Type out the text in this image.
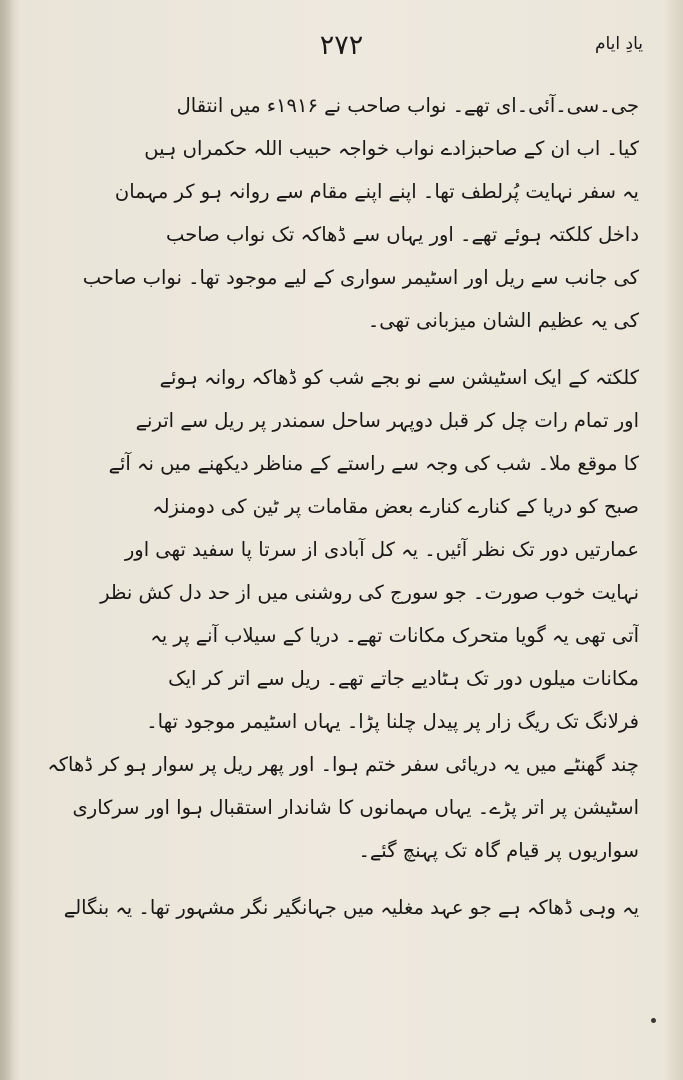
۲۷۲	یادِ ایام
جی۔سی۔آئی۔ای تھے۔ نواب صاحب نے ۱۹۱۶ء میں انتقال
کیا۔ اب ان کے صاحبزادے نواب خواجہ حبیب اللہ حکمراں ہیں
یہ سفر نہایت پُرلطف تھا۔ اپنے اپنے مقام سے روانہ ہو کر مہمان
داخل کلکتہ ہوئے تھے۔ اور یہاں سے ڈھاکہ تک نواب صاحب
کی جانب سے ریل اور اسٹیمر سواری کے لیے موجود تھا۔ نواب صاحب
کی یہ عظیم الشان میزبانی تھی۔
کلکتہ کے ایک اسٹیشن سے نو بجے شب کو ڈھاکہ روانہ ہوئے
اور تمام رات چل کر قبل دوپہر ساحل سمندر پر ریل سے اترنے
کا موقع ملا۔ شب کی وجہ سے راستے کے مناظر دیکھنے میں نہ آئے
صبح کو دریا کے کنارے کنارے بعض مقامات پر ٹین کی دومنزلہ
عمارتیں دور تک نظر آئیں۔ یہ کل آبادی از سرتا پا سفید تھی اور
نہایت خوب صورت۔ جو سورج کی روشنی میں از حد دل کش نظر
آتی تھی یہ گویا متحرک مکانات تھے۔ دریا کے سیلاب آنے پر یہ
مکانات میلوں دور تک ہٹادیے جاتے تھے۔ ریل سے اتر کر ایک
فرلانگ تک ریگ زار پر پیدل چلنا پڑا۔ یہاں اسٹیمر موجود تھا۔
چند گھنٹے میں یہ دریائی سفر ختم ہوا۔ اور پھر ریل پر سوار ہو کر ڈھاکہ
اسٹیشن پر اتر پڑے۔ یہاں مہمانوں کا شاندار استقبال ہوا اور سرکاری
سواریوں پر قیام گاہ تک پہنچ گئے۔
یہ وہی ڈھاکہ ہے جو عہد مغلیہ میں جہانگیر نگر مشہور تھا۔ یہ بنگالے
